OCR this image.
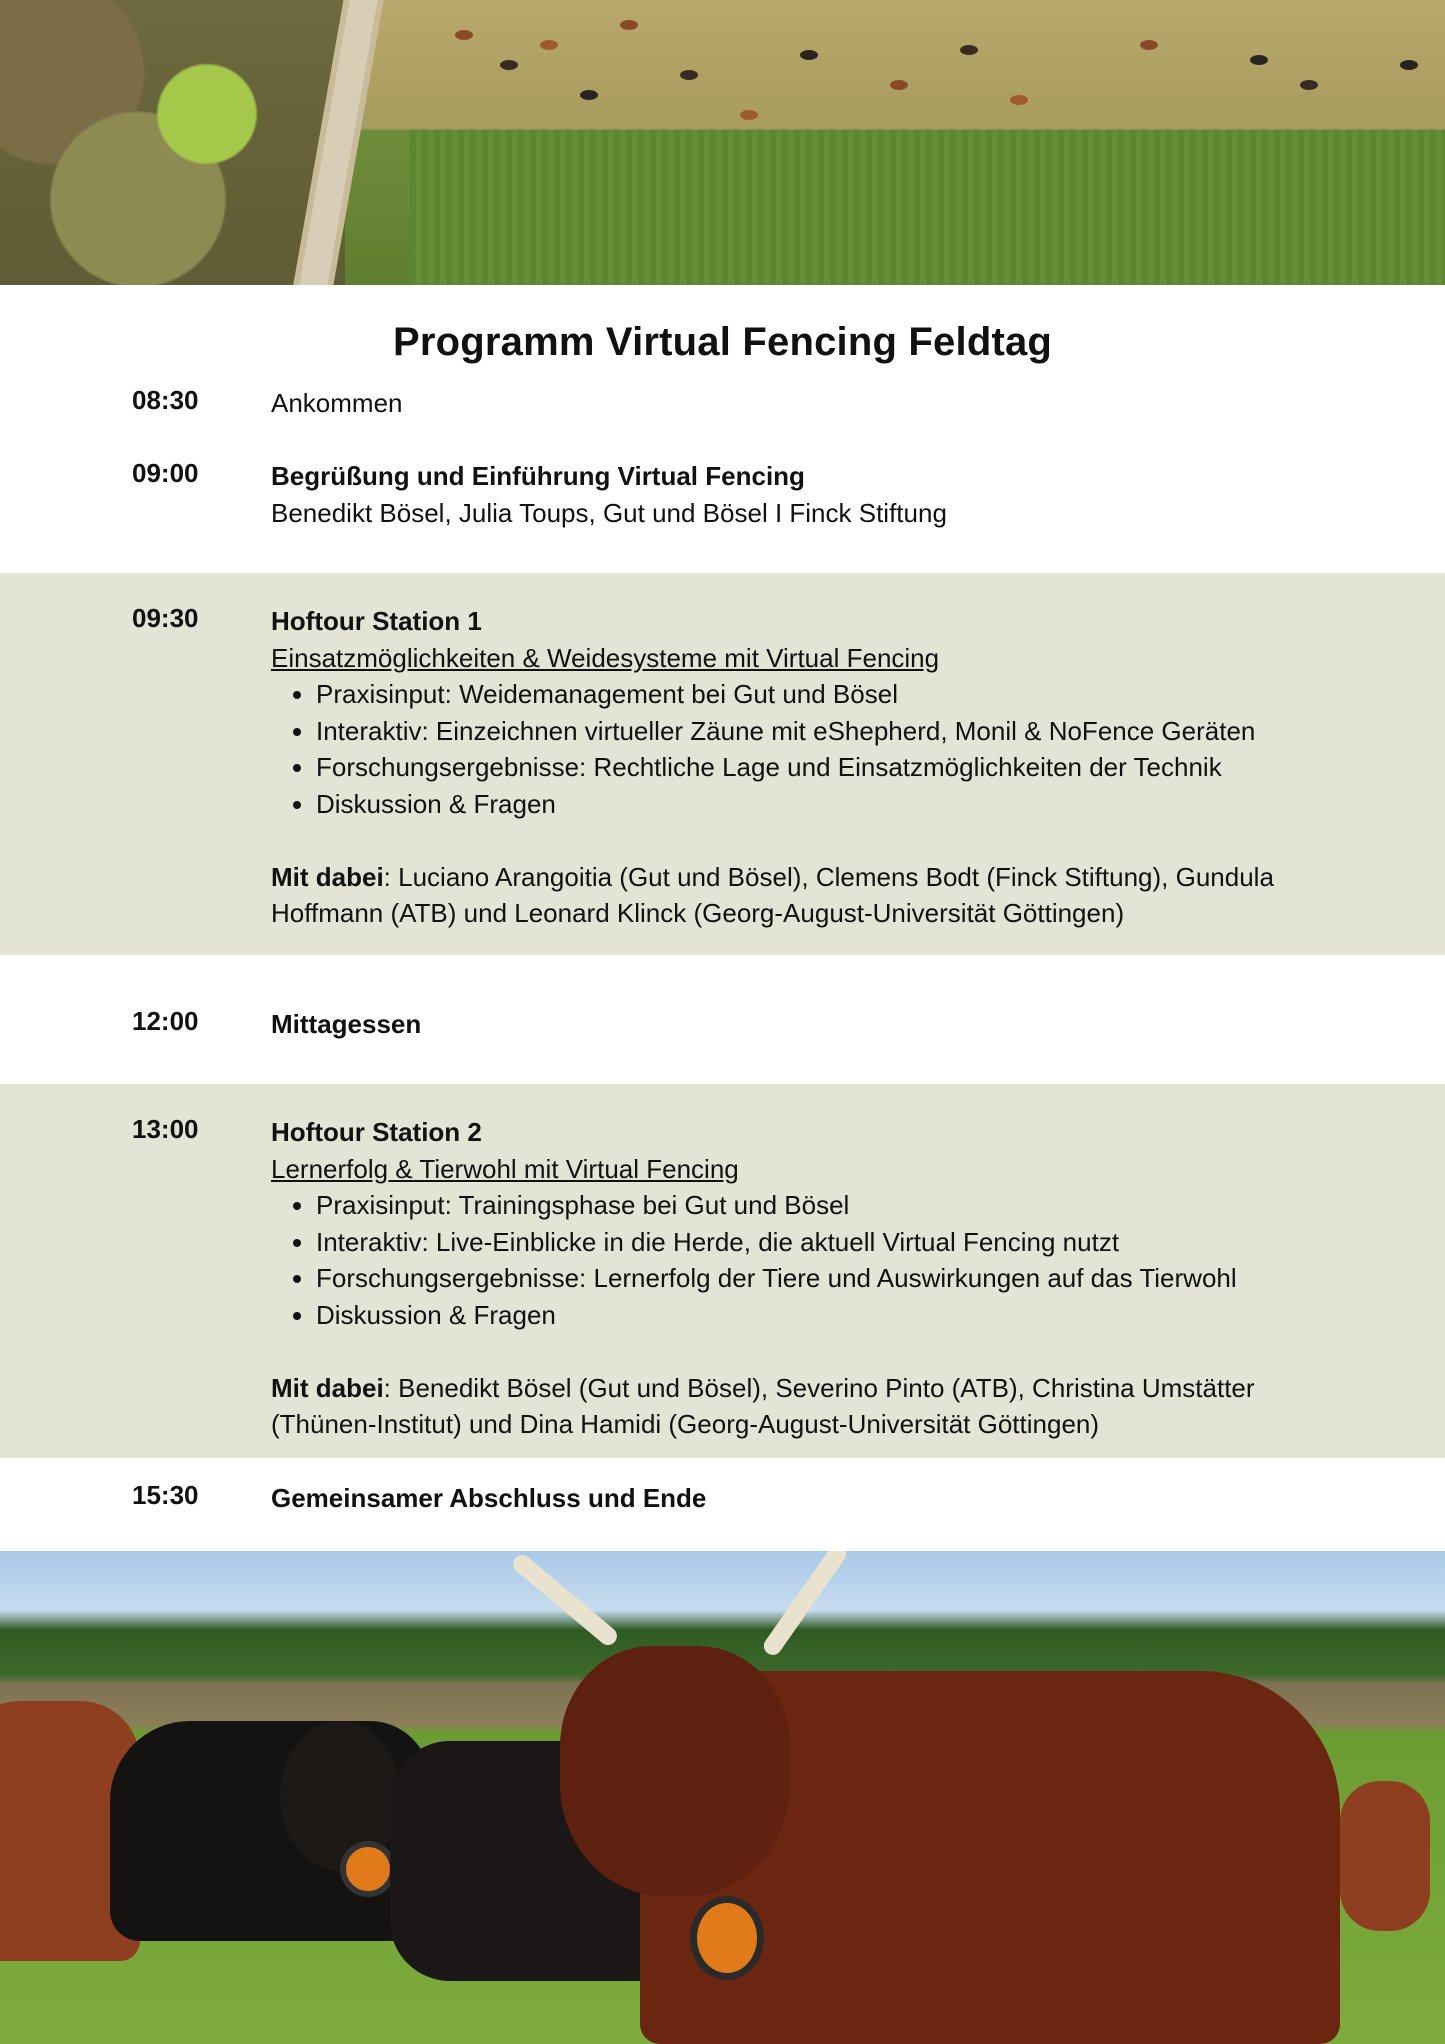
Programm Virtual Fencing Feldtag
08:30	Ankommen
09:00	Begrüßung und Einführung Virtual Fencing
Benedikt Bösel, Julia Toups, Gut und Bösel I Finck Stiftung
09:30	Hoftour Station 1
Einsatzmöglichkeiten & Weidesysteme mit Virtual Fencing
• Praxisinput: Weidemanagement bei Gut und Bösel
• Interaktiv: Einzeichnen virtueller Zäune mit eShepherd, Monil & NoFence Geräten
• Forschungsergebnisse: Rechtliche Lage und Einsatzmöglichkeiten der Technik
• Diskussion & Fragen
Mit dabei: Luciano Arangoitia (Gut und Bösel), Clemens Bodt (Finck Stiftung), Gundula Hoffmann (ATB) und Leonard Klinck (Georg-August-Universität Göttingen)
12:00	Mittagessen
13:00	Hoftour Station 2
Lernerfolg & Tierwohl mit Virtual Fencing
• Praxisinput: Trainingsphase bei Gut und Bösel
• Interaktiv: Live-Einblicke in die Herde, die aktuell Virtual Fencing nutzt
• Forschungsergebnisse: Lernerfolg der Tiere und Auswirkungen auf das Tierwohl
• Diskussion & Fragen
Mit dabei: Benedikt Bösel (Gut und Bösel), Severino Pinto (ATB), Christina Umstätter (Thünen-Institut) und Dina Hamidi (Georg-August-Universität Göttingen)
15:30	Gemeinsamer Abschluss und Ende
